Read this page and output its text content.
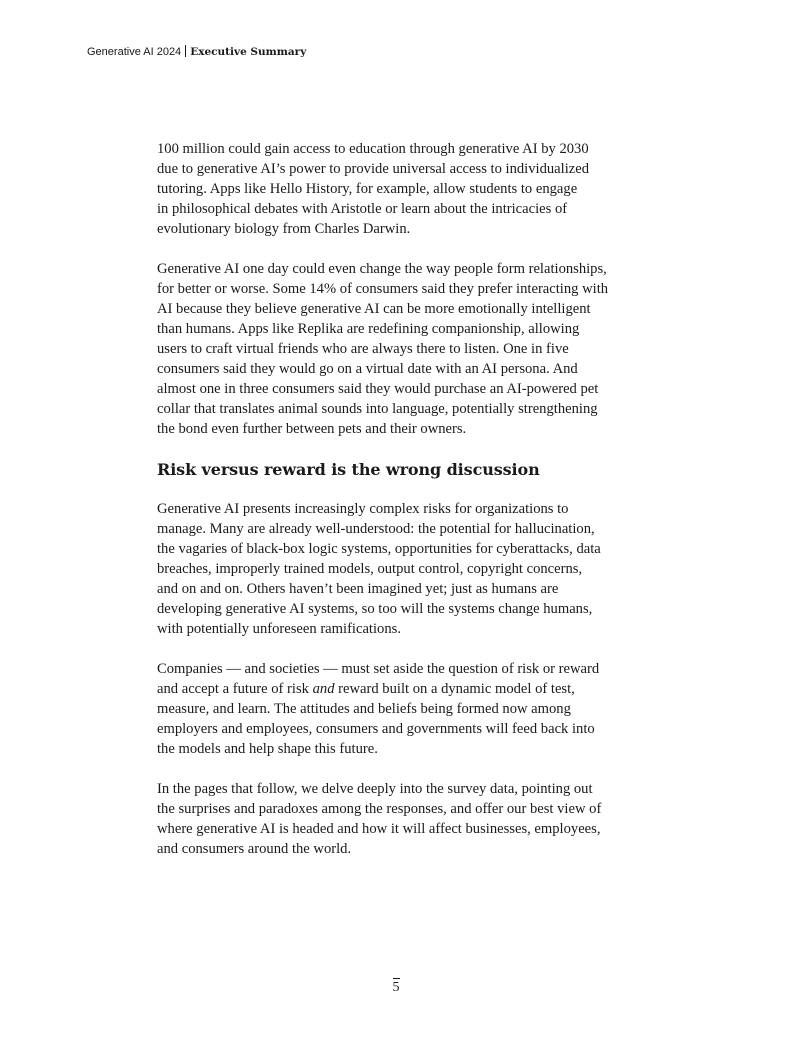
Generative AI 2024 Executive Summary

100 million could gain access to education through generative AI by 2030
due to generative AI’s power to provide universal access to individualized
tutoring. Apps like Hello History, for example, allow students to engage
in philosophical debates with Aristotle or learn about the intricacies of
evolutionary biology from Charles Darwin.

Generative AI one day could even change the way people form relationships,
for better or worse. Some 14% of consumers said they prefer interacting with
AI because they believe generative AI can be more emotionally intelligent
than humans. Apps like Replika are redefining companionship, allowing
users to craft virtual friends who are always there to listen. One in five
consumers said they would go on a virtual date with an AI persona. And
almost one in three consumers said they would purchase an AI-powered pet
collar that translates animal sounds into language, potentially strengthening
the bond even further between pets and their owners.

Risk versus reward is the wrong discussion

Generative AI presents increasingly complex risks for organizations to
manage. Many are already well-understood: the potential for hallucination,
the vagaries of black-box logic systems, opportunities for cyberattacks, data
breaches, improperly trained models, output control, copyright concerns,
and on and on. Others haven’t been imagined yet; just as humans are
developing generative AI systems, so too will the systems change humans,
with potentially unforeseen ramifications.

Companies — and societies — must set aside the question of risk or reward
and accept a future of risk and reward built on a dynamic model of test,
measure, and learn. The attitudes and beliefs being formed now among
employers and employees, consumers and governments will feed back into
the models and help shape this future.

In the pages that follow, we delve deeply into the survey data, pointing out
the surprises and paradoxes among the responses, and offer our best view of
where generative AI is headed and how it will affect businesses, employees,
and consumers around the world.

5
